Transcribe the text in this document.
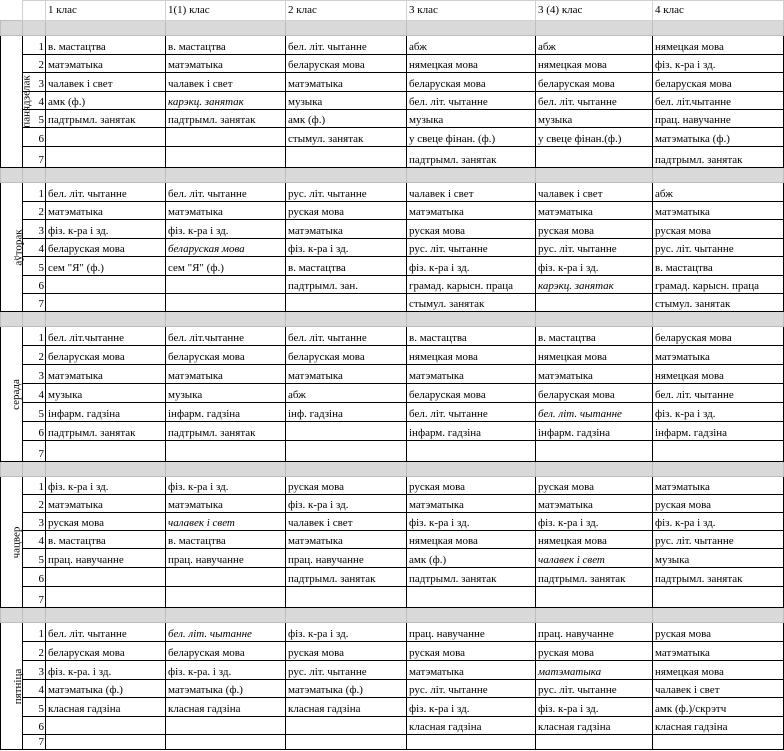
		1 клас	1(1) клас	2 клас	3 клас	3 (4) клас	4 клас

панядзелак	1	в. мастацтва	в. мастацтва	бел. літ. чытанне	абж	абж	нямецкая мова
	2	матэматыка	матэматыка	беларуская мова	нямецкая мова	нямецкая мова	фіз. к-ра і зд.
	3	чалавек і свет	чалавек і свет	матэматыка	беларуская мова	беларуская мова	беларуская мова
	4	амк (ф.)	карэкц. занятак	музыка	бел. літ. чытанне	бел. літ. чытанне	бел. літ.чытанне
	5	падтрымл. занятак	падтрымл. занятак	амк (ф.)	музыка	музыка	прац. навучанне
	6			стымул. занятак	у свеце фінан. (ф.)	у свеце фінан.(ф.)	матэматыка (ф.)
	7				падтрымл. занятак		падтрымл. занятак

аўторак	1	бел. літ. чытанне	бел. літ. чытанне	рус. літ. чытанне	чалавек і свет	чалавек і свет	абж
	2	матэматыка	матэматыка	руская мова	матэматыка	матэматыка	матэматыка
	3	фіз. к-ра і зд.	фіз. к-ра і зд.	матэматыка	руская мова	руская мова	руская мова
	4	беларуская мова	беларуская мова	фіз. к-ра і зд.	рус. літ. чытанне	рус. літ. чытанне	рус. літ. чытанне
	5	сем "Я" (ф.)	сем "Я" (ф.)	в. мастацтва	фіз. к-ра і зд.	фіз. к-ра і зд.	в. мастацтва
	6			падтрымл. зан.	грамад. карысн. праца	карэкц. занятак	грамад. карысн. праца
	7				стымул. занятак		стымул. занятак

серада	1	бел. літ.чытанне	бел. літ.чытанне	бел. літ. чытанне	в. мастацтва	в. мастацтва	беларуская мова
	2	беларуская мова	беларуская мова	беларуская мова	нямецкая мова	нямецкая мова	матэматыка
	3	матэматыка	матэматыка	матэматыка	матэматыка	матэматыка	нямецкая мова
	4	музыка	музыка	абж	беларуская мова	беларуская мова	бел. літ. чытанне
	5	інфарм. гадзіна	інфарм. гадзіна	інф. гадзіна	бел. літ. чытанне	бел. літ. чытанне	фіз. к-ра і зд.
	6	падтрымл. занятак	падтрымл. занятак		інфарм. гадзіна	інфарм. гадзіна	інфарм. гадзіна
	7						

чацвер	1	фіз. к-ра і зд.	фіз. к-ра і зд.	руская мова	руская мова	руская мова	матэматыка
	2	матэматыка	матэматыка	фіз. к-ра і зд.	матэматыка	матэматыка	руская мова
	3	руская мова	чалавек і свет	чалавек і свет	фіз. к-ра і зд.	фіз. к-ра і зд.	фіз. к-ра і зд.
	4	в. мастацтва	в. мастацтва	матэматыка	нямецкая мова	нямецкая мова	рус. літ. чытанне
	5	прац. навучанне	прац. навучанне	прац. навучанне	амк (ф.)	чалавек і свет	музыка
	6			падтрымл. занятак	падтрымл. занятак	падтрымл. занятак	падтрымл. занятак
	7						

пятніца	1	бел. літ. чытанне	бел. літ. чытанне	фіз. к-ра і зд.	прац. навучанне	прац. навучанне	руская мова
	2	беларуская мова	беларуская мова	руская мова	руская мова	руская мова	матэматыка
	3	фіз. к-ра. і зд.	фіз. к-ра. і зд.	рус. літ. чытанне	матэматыка	матэматыка	нямецкая мова
	4	матэматыка (ф.)	матэматыка (ф.)	матэматыка (ф.)	рус. літ. чытанне	рус. літ. чытанне	чалавек і свет
	5	класная гадзіна	класная гадзіна	класная гадзіна	фіз. к-ра і зд.	фіз. к-ра і зд.	амк (ф.)/скрэтч
	6				класная гадзіна	класная гадзіна	класная гадзіна
	7						
